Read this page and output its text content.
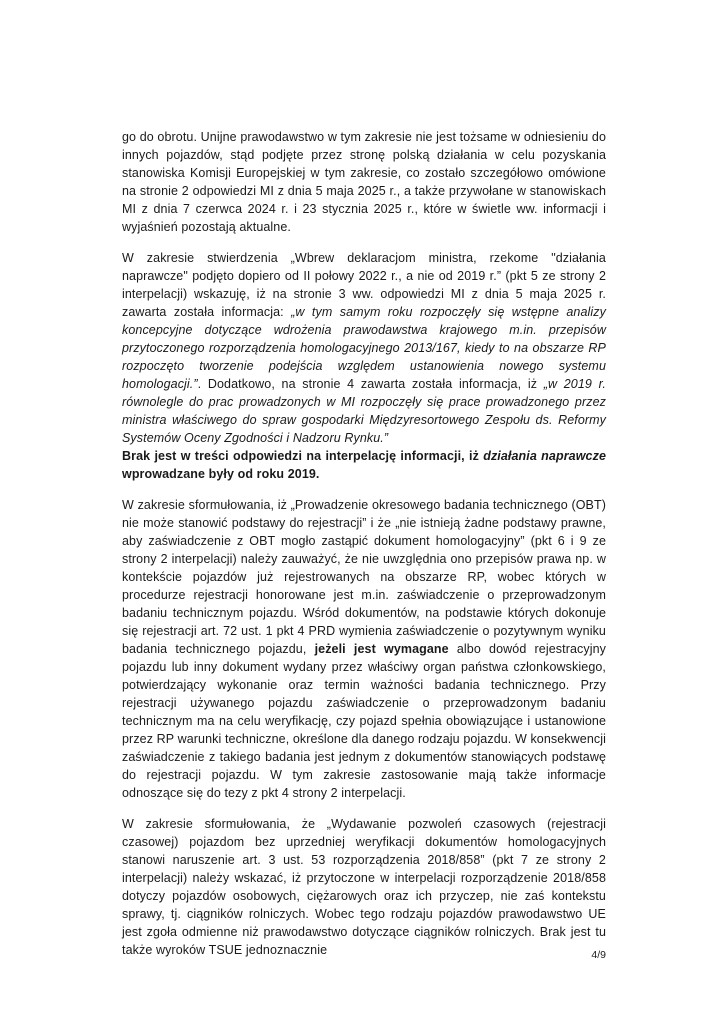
go do obrotu. Unijne prawodawstwo w tym zakresie nie jest tożsame w odniesieniu do innych pojazdów, stąd podjęte przez stronę polską działania w celu pozyskania stanowiska Komisji Europejskiej w tym zakresie, co zostało szczegółowo omówione na stronie 2 odpowiedzi MI z dnia 5 maja 2025 r., a także przywołane w stanowiskach MI z dnia 7 czerwca 2024 r. i 23 stycznia 2025 r., które w świetle ww. informacji i wyjaśnień pozostają aktualne.

W zakresie stwierdzenia „Wbrew deklaracjom ministra, rzekome "działania naprawcze" podjęto dopiero od II połowy 2022 r., a nie od 2019 r.” (pkt 5 ze strony 2 interpelacji) wskazuję, iż na stronie 3 ww. odpowiedzi MI z dnia 5 maja 2025 r. zawarta została informacja: „w tym samym roku rozpoczęły się wstępne analizy koncepcyjne dotyczące wdrożenia prawodawstwa krajowego m.in. przepisów przytoczonego rozporządzenia homologacyjnego 2013/167, kiedy to na obszarze RP rozpoczęto tworzenie podejścia względem ustanowienia nowego systemu homologacji.”. Dodatkowo, na stronie 4 zawarta została informacja, iż „w 2019 r. równolegle do prac prowadzonych w MI rozpoczęły się prace prowadzonego przez ministra właściwego do spraw gospodarki Międzyresortowego Zespołu ds. Reformy Systemów Oceny Zgodności i Nadzoru Rynku.”
Brak jest w treści odpowiedzi na interpelację informacji, iż działania naprawcze wprowadzane były od roku 2019.

W zakresie sformułowania, iż „Prowadzenie okresowego badania technicznego (OBT) nie może stanowić podstawy do rejestracji” i że „nie istnieją żadne podstawy prawne, aby zaświadczenie z OBT mogło zastąpić dokument homologacyjny” (pkt 6 i 9 ze strony 2 interpelacji) należy zauważyć, że nie uwzględnia ono przepisów prawa np. w kontekście pojazdów już rejestrowanych na obszarze RP, wobec których w procedurze rejestracji honorowane jest m.in. zaświadczenie o przeprowadzonym badaniu technicznym pojazdu. Wśród dokumentów, na podstawie których dokonuje się rejestracji art. 72 ust. 1 pkt 4 PRD wymienia zaświadczenie o pozytywnym wyniku badania technicznego pojazdu, jeżeli jest wymagane albo dowód rejestracyjny pojazdu lub inny dokument wydany przez właściwy organ państwa członkowskiego, potwierdzający wykonanie oraz termin ważności badania technicznego. Przy rejestracji używanego pojazdu zaświadczenie o przeprowadzonym badaniu technicznym ma na celu weryfikację, czy pojazd spełnia obowiązujące i ustanowione przez RP warunki techniczne, określone dla danego rodzaju pojazdu. W konsekwencji zaświadczenie z takiego badania jest jednym z dokumentów stanowiących podstawę do rejestracji pojazdu. W tym zakresie zastosowanie mają także informacje odnoszące się do tezy z pkt 4 strony 2 interpelacji.

W zakresie sformułowania, że „Wydawanie pozwoleń czasowych (rejestracji czasowej) pojazdom bez uprzedniej weryfikacji dokumentów homologacyjnych stanowi naruszenie art. 3 ust. 53 rozporządzenia 2018/858” (pkt 7 ze strony 2 interpelacji) należy wskazać, iż przytoczone w interpelacji rozporządzenie 2018/858 dotyczy pojazdów osobowych, ciężarowych oraz ich przyczep, nie zaś kontekstu sprawy, tj. ciągników rolniczych. Wobec tego rodzaju pojazdów prawodawstwo UE jest zgoła odmienne niż prawodawstwo dotyczące ciągników rolniczych. Brak jest tu także wyroków TSUE jednoznacznie	4/9
